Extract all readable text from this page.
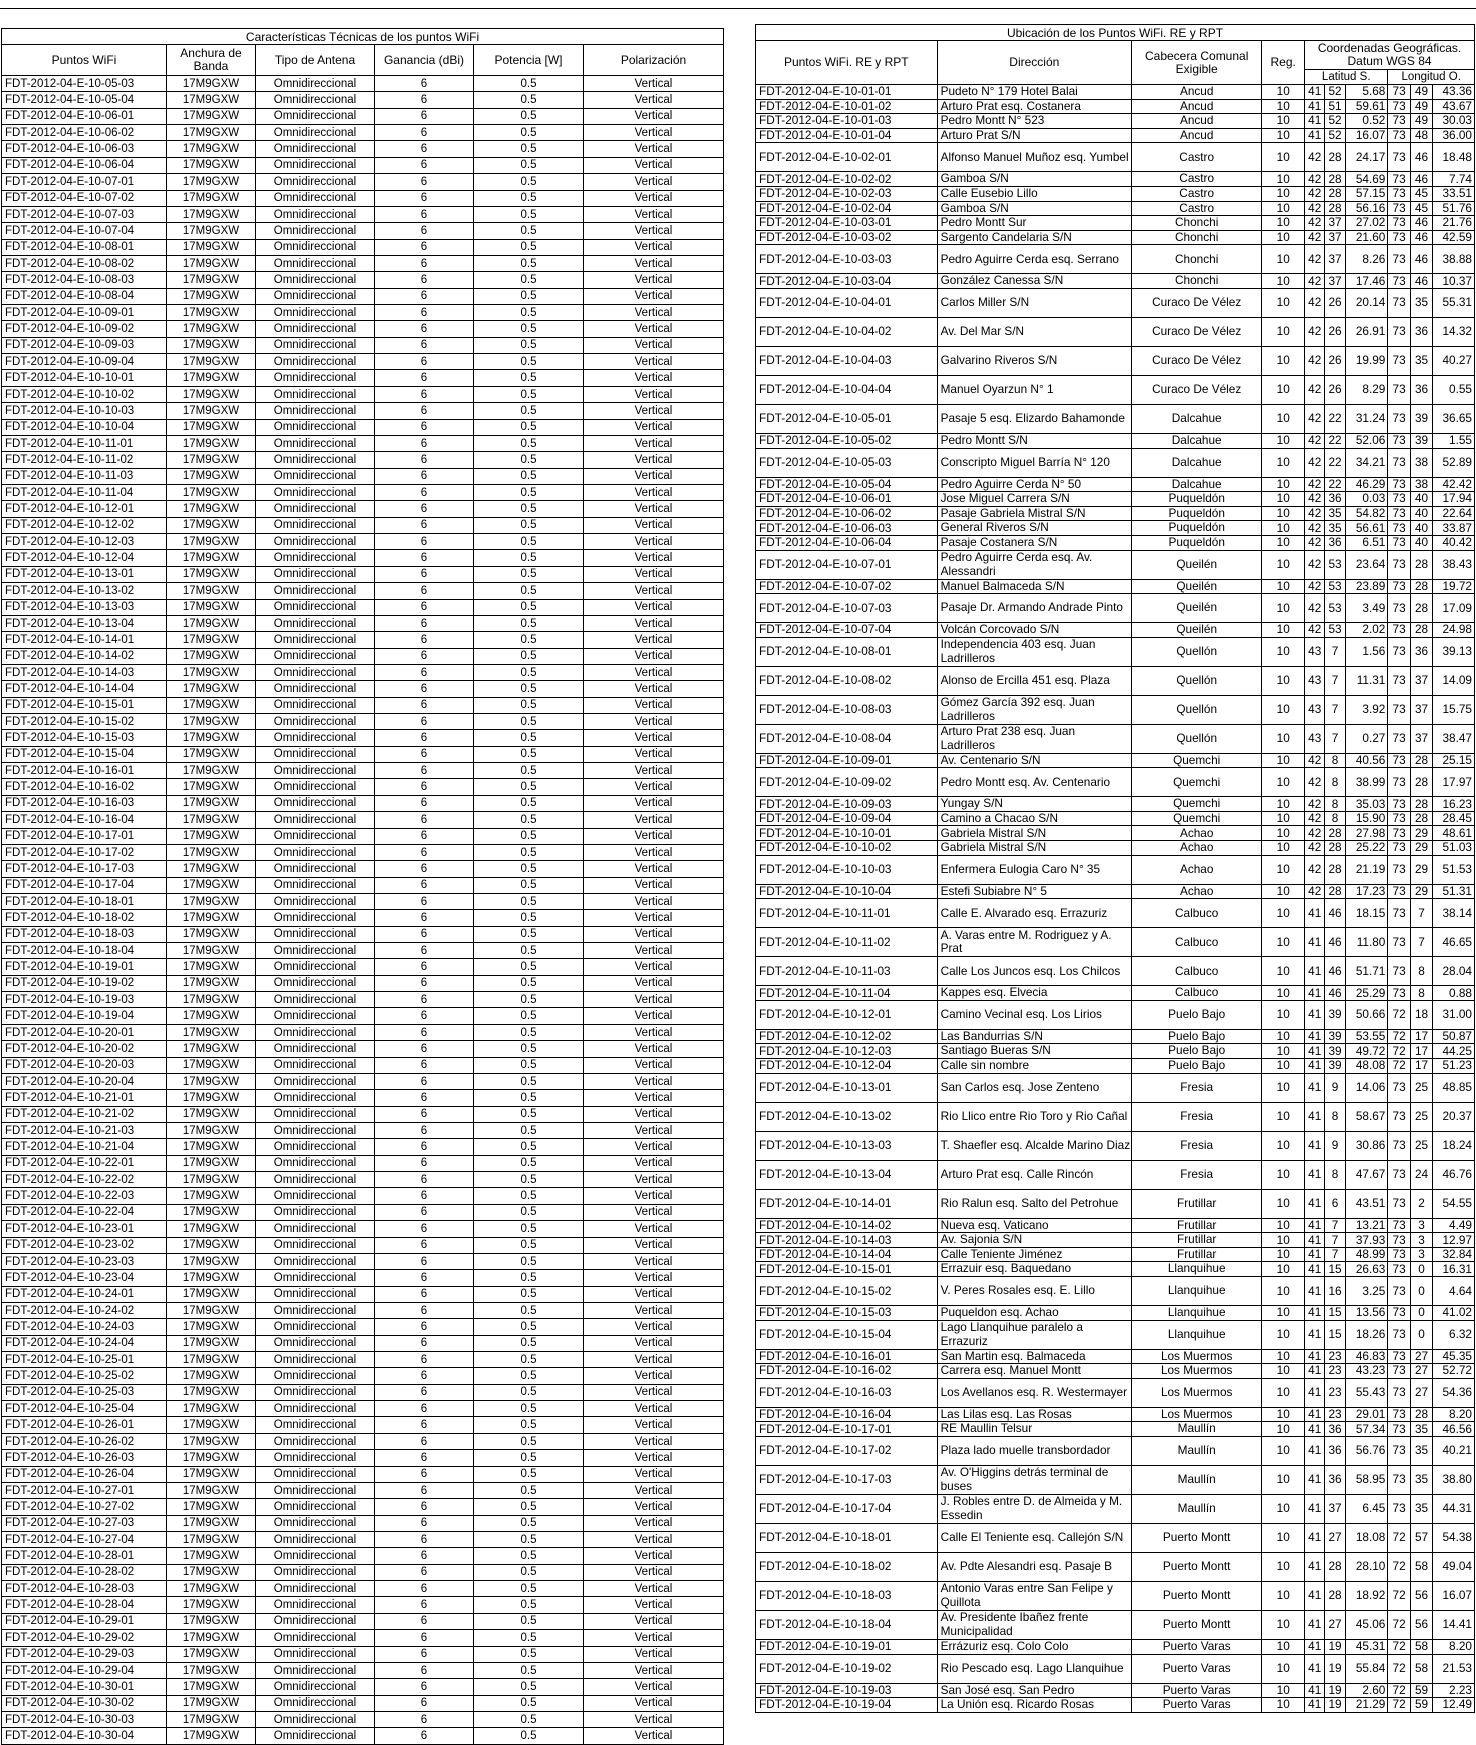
Características Técnicas de los puntos WiFi					
Puntos WiFi	Anchura de Banda	Tipo de Antena	Ganancia (dBi)	Potencia [W]	Polarización
FDT-2012-04-E-10-05-03	17M9GXW	Omnidireccional	6	0.5	Vertical
FDT-2012-04-E-10-05-04	17M9GXW	Omnidireccional	6	0.5	Vertical
FDT-2012-04-E-10-06-01	17M9GXW	Omnidireccional	6	0.5	Vertical
FDT-2012-04-E-10-06-02	17M9GXW	Omnidireccional	6	0.5	Vertical
FDT-2012-04-E-10-06-03	17M9GXW	Omnidireccional	6	0.5	Vertical
FDT-2012-04-E-10-06-04	17M9GXW	Omnidireccional	6	0.5	Vertical
FDT-2012-04-E-10-07-01	17M9GXW	Omnidireccional	6	0.5	Vertical
FDT-2012-04-E-10-07-02	17M9GXW	Omnidireccional	6	0.5	Vertical
FDT-2012-04-E-10-07-03	17M9GXW	Omnidireccional	6	0.5	Vertical
FDT-2012-04-E-10-07-04	17M9GXW	Omnidireccional	6	0.5	Vertical
FDT-2012-04-E-10-08-01	17M9GXW	Omnidireccional	6	0.5	Vertical
FDT-2012-04-E-10-08-02	17M9GXW	Omnidireccional	6	0.5	Vertical
FDT-2012-04-E-10-08-03	17M9GXW	Omnidireccional	6	0.5	Vertical
FDT-2012-04-E-10-08-04	17M9GXW	Omnidireccional	6	0.5	Vertical
FDT-2012-04-E-10-09-01	17M9GXW	Omnidireccional	6	0.5	Vertical
FDT-2012-04-E-10-09-02	17M9GXW	Omnidireccional	6	0.5	Vertical
FDT-2012-04-E-10-09-03	17M9GXW	Omnidireccional	6	0.5	Vertical
FDT-2012-04-E-10-09-04	17M9GXW	Omnidireccional	6	0.5	Vertical
FDT-2012-04-E-10-10-01	17M9GXW	Omnidireccional	6	0.5	Vertical
FDT-2012-04-E-10-10-02	17M9GXW	Omnidireccional	6	0.5	Vertical
FDT-2012-04-E-10-10-03	17M9GXW	Omnidireccional	6	0.5	Vertical
FDT-2012-04-E-10-10-04	17M9GXW	Omnidireccional	6	0.5	Vertical
FDT-2012-04-E-10-11-01	17M9GXW	Omnidireccional	6	0.5	Vertical
FDT-2012-04-E-10-11-02	17M9GXW	Omnidireccional	6	0.5	Vertical
FDT-2012-04-E-10-11-03	17M9GXW	Omnidireccional	6	0.5	Vertical
FDT-2012-04-E-10-11-04	17M9GXW	Omnidireccional	6	0.5	Vertical
FDT-2012-04-E-10-12-01	17M9GXW	Omnidireccional	6	0.5	Vertical
FDT-2012-04-E-10-12-02	17M9GXW	Omnidireccional	6	0.5	Vertical
FDT-2012-04-E-10-12-03	17M9GXW	Omnidireccional	6	0.5	Vertical
FDT-2012-04-E-10-12-04	17M9GXW	Omnidireccional	6	0.5	Vertical
FDT-2012-04-E-10-13-01	17M9GXW	Omnidireccional	6	0.5	Vertical
FDT-2012-04-E-10-13-02	17M9GXW	Omnidireccional	6	0.5	Vertical
FDT-2012-04-E-10-13-03	17M9GXW	Omnidireccional	6	0.5	Vertical
FDT-2012-04-E-10-13-04	17M9GXW	Omnidireccional	6	0.5	Vertical
FDT-2012-04-E-10-14-01	17M9GXW	Omnidireccional	6	0.5	Vertical
FDT-2012-04-E-10-14-02	17M9GXW	Omnidireccional	6	0.5	Vertical
FDT-2012-04-E-10-14-03	17M9GXW	Omnidireccional	6	0.5	Vertical
FDT-2012-04-E-10-14-04	17M9GXW	Omnidireccional	6	0.5	Vertical
FDT-2012-04-E-10-15-01	17M9GXW	Omnidireccional	6	0.5	Vertical
FDT-2012-04-E-10-15-02	17M9GXW	Omnidireccional	6	0.5	Vertical
FDT-2012-04-E-10-15-03	17M9GXW	Omnidireccional	6	0.5	Vertical
FDT-2012-04-E-10-15-04	17M9GXW	Omnidireccional	6	0.5	Vertical
FDT-2012-04-E-10-16-01	17M9GXW	Omnidireccional	6	0.5	Vertical
FDT-2012-04-E-10-16-02	17M9GXW	Omnidireccional	6	0.5	Vertical
FDT-2012-04-E-10-16-03	17M9GXW	Omnidireccional	6	0.5	Vertical
FDT-2012-04-E-10-16-04	17M9GXW	Omnidireccional	6	0.5	Vertical
FDT-2012-04-E-10-17-01	17M9GXW	Omnidireccional	6	0.5	Vertical
FDT-2012-04-E-10-17-02	17M9GXW	Omnidireccional	6	0.5	Vertical
FDT-2012-04-E-10-17-03	17M9GXW	Omnidireccional	6	0.5	Vertical
FDT-2012-04-E-10-17-04	17M9GXW	Omnidireccional	6	0.5	Vertical
FDT-2012-04-E-10-18-01	17M9GXW	Omnidireccional	6	0.5	Vertical
FDT-2012-04-E-10-18-02	17M9GXW	Omnidireccional	6	0.5	Vertical
FDT-2012-04-E-10-18-03	17M9GXW	Omnidireccional	6	0.5	Vertical
FDT-2012-04-E-10-18-04	17M9GXW	Omnidireccional	6	0.5	Vertical
FDT-2012-04-E-10-19-01	17M9GXW	Omnidireccional	6	0.5	Vertical
FDT-2012-04-E-10-19-02	17M9GXW	Omnidireccional	6	0.5	Vertical
FDT-2012-04-E-10-19-03	17M9GXW	Omnidireccional	6	0.5	Vertical
FDT-2012-04-E-10-19-04	17M9GXW	Omnidireccional	6	0.5	Vertical
FDT-2012-04-E-10-20-01	17M9GXW	Omnidireccional	6	0.5	Vertical
FDT-2012-04-E-10-20-02	17M9GXW	Omnidireccional	6	0.5	Vertical
FDT-2012-04-E-10-20-03	17M9GXW	Omnidireccional	6	0.5	Vertical
FDT-2012-04-E-10-20-04	17M9GXW	Omnidireccional	6	0.5	Vertical
FDT-2012-04-E-10-21-01	17M9GXW	Omnidireccional	6	0.5	Vertical
FDT-2012-04-E-10-21-02	17M9GXW	Omnidireccional	6	0.5	Vertical
FDT-2012-04-E-10-21-03	17M9GXW	Omnidireccional	6	0.5	Vertical
FDT-2012-04-E-10-21-04	17M9GXW	Omnidireccional	6	0.5	Vertical
FDT-2012-04-E-10-22-01	17M9GXW	Omnidireccional	6	0.5	Vertical
FDT-2012-04-E-10-22-02	17M9GXW	Omnidireccional	6	0.5	Vertical
FDT-2012-04-E-10-22-03	17M9GXW	Omnidireccional	6	0.5	Vertical
FDT-2012-04-E-10-22-04	17M9GXW	Omnidireccional	6	0.5	Vertical
FDT-2012-04-E-10-23-01	17M9GXW	Omnidireccional	6	0.5	Vertical
FDT-2012-04-E-10-23-02	17M9GXW	Omnidireccional	6	0.5	Vertical
FDT-2012-04-E-10-23-03	17M9GXW	Omnidireccional	6	0.5	Vertical
FDT-2012-04-E-10-23-04	17M9GXW	Omnidireccional	6	0.5	Vertical
FDT-2012-04-E-10-24-01	17M9GXW	Omnidireccional	6	0.5	Vertical
FDT-2012-04-E-10-24-02	17M9GXW	Omnidireccional	6	0.5	Vertical
FDT-2012-04-E-10-24-03	17M9GXW	Omnidireccional	6	0.5	Vertical
FDT-2012-04-E-10-24-04	17M9GXW	Omnidireccional	6	0.5	Vertical
FDT-2012-04-E-10-25-01	17M9GXW	Omnidireccional	6	0.5	Vertical
FDT-2012-04-E-10-25-02	17M9GXW	Omnidireccional	6	0.5	Vertical
FDT-2012-04-E-10-25-03	17M9GXW	Omnidireccional	6	0.5	Vertical
FDT-2012-04-E-10-25-04	17M9GXW	Omnidireccional	6	0.5	Vertical
FDT-2012-04-E-10-26-01	17M9GXW	Omnidireccional	6	0.5	Vertical
FDT-2012-04-E-10-26-02	17M9GXW	Omnidireccional	6	0.5	Vertical
FDT-2012-04-E-10-26-03	17M9GXW	Omnidireccional	6	0.5	Vertical
FDT-2012-04-E-10-26-04	17M9GXW	Omnidireccional	6	0.5	Vertical
FDT-2012-04-E-10-27-01	17M9GXW	Omnidireccional	6	0.5	Vertical
FDT-2012-04-E-10-27-02	17M9GXW	Omnidireccional	6	0.5	Vertical
FDT-2012-04-E-10-27-03	17M9GXW	Omnidireccional	6	0.5	Vertical
FDT-2012-04-E-10-27-04	17M9GXW	Omnidireccional	6	0.5	Vertical
FDT-2012-04-E-10-28-01	17M9GXW	Omnidireccional	6	0.5	Vertical
FDT-2012-04-E-10-28-02	17M9GXW	Omnidireccional	6	0.5	Vertical
FDT-2012-04-E-10-28-03	17M9GXW	Omnidireccional	6	0.5	Vertical
FDT-2012-04-E-10-28-04	17M9GXW	Omnidireccional	6	0.5	Vertical
FDT-2012-04-E-10-29-01	17M9GXW	Omnidireccional	6	0.5	Vertical
FDT-2012-04-E-10-29-02	17M9GXW	Omnidireccional	6	0.5	Vertical
FDT-2012-04-E-10-29-03	17M9GXW	Omnidireccional	6	0.5	Vertical
FDT-2012-04-E-10-29-04	17M9GXW	Omnidireccional	6	0.5	Vertical
FDT-2012-04-E-10-30-01	17M9GXW	Omnidireccional	6	0.5	Vertical
FDT-2012-04-E-10-30-02	17M9GXW	Omnidireccional	6	0.5	Vertical
FDT-2012-04-E-10-30-03	17M9GXW	Omnidireccional	6	0.5	Vertical
FDT-2012-04-E-10-30-04	17M9GXW	Omnidireccional	6	0.5	Vertical
Ubicación de los Puntos WiFi. RE y RPT									
Puntos WiFi. RE y RPT	Dirección	Cabecera Comunal Exigible	Reg.	Coordenadas Geográficas. Datum WGS 84					
				Latitud S.			Longitud O.		
FDT-2012-04-E-10-01-01	Pudeto N° 179 Hotel Balai	Ancud	10	41	52	5.68	73	49	43.36
FDT-2012-04-E-10-01-02	Arturo Prat esq. Costanera	Ancud	10	41	51	59.61	73	49	43.67
FDT-2012-04-E-10-01-03	Pedro Montt N° 523	Ancud	10	41	52	0.52	73	49	30.03
FDT-2012-04-E-10-01-04	Arturo Prat S/N	Ancud	10	41	52	16.07	73	48	36.00
FDT-2012-04-E-10-02-01	Alfonso Manuel Muñoz esq. Yumbel	Castro	10	42	28	24.17	73	46	18.48
FDT-2012-04-E-10-02-02	Gamboa S/N	Castro	10	42	28	54.69	73	46	7.74
FDT-2012-04-E-10-02-03	Calle Eusebio Lillo	Castro	10	42	28	57.15	73	45	33.51
FDT-2012-04-E-10-02-04	Gamboa S/N	Castro	10	42	28	56.16	73	45	51.76
FDT-2012-04-E-10-03-01	Pedro Montt Sur	Chonchi	10	42	37	27.02	73	46	21.76
FDT-2012-04-E-10-03-02	Sargento Candelaria S/N	Chonchi	10	42	37	21.60	73	46	42.59
FDT-2012-04-E-10-03-03	Pedro Aguirre Cerda esq. Serrano	Chonchi	10	42	37	8.26	73	46	38.88
FDT-2012-04-E-10-03-04	González Canessa S/N	Chonchi	10	42	37	17.46	73	46	10.37
FDT-2012-04-E-10-04-01	Carlos Miller S/N	Curaco De Vélez	10	42	26	20.14	73	35	55.31
FDT-2012-04-E-10-04-02	Av. Del Mar S/N	Curaco De Vélez	10	42	26	26.91	73	36	14.32
FDT-2012-04-E-10-04-03	Galvarino Riveros S/N	Curaco De Vélez	10	42	26	19.99	73	35	40.27
FDT-2012-04-E-10-04-04	Manuel Oyarzun N° 1	Curaco De Vélez	10	42	26	8.29	73	36	0.55
FDT-2012-04-E-10-05-01	Pasaje 5 esq. Elizardo Bahamonde	Dalcahue	10	42	22	31.24	73	39	36.65
FDT-2012-04-E-10-05-02	Pedro Montt S/N	Dalcahue	10	42	22	52.06	73	39	1.55
FDT-2012-04-E-10-05-03	Conscripto Miguel Barría N° 120	Dalcahue	10	42	22	34.21	73	38	52.89
FDT-2012-04-E-10-05-04	Pedro Aguirre Cerda N° 50	Dalcahue	10	42	22	46.29	73	38	42.42
FDT-2012-04-E-10-06-01	Jose Miguel Carrera S/N	Puqueldón	10	42	36	0.03	73	40	17.94
FDT-2012-04-E-10-06-02	Pasaje Gabriela Mistral S/N	Puqueldón	10	42	35	54.82	73	40	22.64
FDT-2012-04-E-10-06-03	General Riveros S/N	Puqueldón	10	42	35	56.61	73	40	33.87
FDT-2012-04-E-10-06-04	Pasaje Costanera S/N	Puqueldón	10	42	36	6.51	73	40	40.42
FDT-2012-04-E-10-07-01	Pedro Aguirre Cerda esq. Av. Alessandri	Queilén	10	42	53	23.64	73	28	38.43
FDT-2012-04-E-10-07-02	Manuel Balmaceda S/N	Queilén	10	42	53	23.89	73	28	19.72
FDT-2012-04-E-10-07-03	Pasaje Dr. Armando Andrade Pinto	Queilén	10	42	53	3.49	73	28	17.09
FDT-2012-04-E-10-07-04	Volcán Corcovado S/N	Queilén	10	42	53	2.02	73	28	24.98
FDT-2012-04-E-10-08-01	Independencia 403 esq. Juan Ladrilleros	Quellón	10	43	7	1.56	73	36	39.13
FDT-2012-04-E-10-08-02	Alonso de Ercilla 451 esq. Plaza	Quellón	10	43	7	11.31	73	37	14.09
FDT-2012-04-E-10-08-03	Gómez García 392 esq. Juan Ladrilleros	Quellón	10	43	7	3.92	73	37	15.75
FDT-2012-04-E-10-08-04	Arturo Prat 238 esq. Juan Ladrilleros	Quellón	10	43	7	0.27	73	37	38.47
FDT-2012-04-E-10-09-01	Av. Centenario S/N	Quemchi	10	42	8	40.56	73	28	25.15
FDT-2012-04-E-10-09-02	Pedro Montt esq. Av. Centenario	Quemchi	10	42	8	38.99	73	28	17.97
FDT-2012-04-E-10-09-03	Yungay S/N	Quemchi	10	42	8	35.03	73	28	16.23
FDT-2012-04-E-10-09-04	Camino a Chacao S/N	Quemchi	10	42	8	15.90	73	28	28.45
FDT-2012-04-E-10-10-01	Gabriela Mistral S/N	Achao	10	42	28	27.98	73	29	48.61
FDT-2012-04-E-10-10-02	Gabriela Mistral S/N	Achao	10	42	28	25.22	73	29	51.03
FDT-2012-04-E-10-10-03	Enfermera Eulogia Caro N° 35	Achao	10	42	28	21.19	73	29	51.53
FDT-2012-04-E-10-10-04	Estefi Subiabre N° 5	Achao	10	42	28	17.23	73	29	51.31
FDT-2012-04-E-10-11-01	Calle E. Alvarado esq. Errazuriz	Calbuco	10	41	46	18.15	73	7	38.14
FDT-2012-04-E-10-11-02	A. Varas entre M. Rodriguez y A. Prat	Calbuco	10	41	46	11.80	73	7	46.65
FDT-2012-04-E-10-11-03	Calle Los Juncos esq. Los Chilcos	Calbuco	10	41	46	51.71	73	8	28.04
FDT-2012-04-E-10-11-04	Kappes esq. Elvecia	Calbuco	10	41	46	25.29	73	8	0.88
FDT-2012-04-E-10-12-01	Camino Vecinal esq. Los Lirios	Puelo Bajo	10	41	39	50.66	72	18	31.00
FDT-2012-04-E-10-12-02	Las Bandurrias S/N	Puelo Bajo	10	41	39	53.55	72	17	50.87
FDT-2012-04-E-10-12-03	Santiago Bueras S/N	Puelo Bajo	10	41	39	49.72	72	17	44.25
FDT-2012-04-E-10-12-04	Calle sin nombre	Puelo Bajo	10	41	39	48.08	72	17	51.23
FDT-2012-04-E-10-13-01	San Carlos esq. Jose Zenteno	Fresia	10	41	9	14.06	73	25	48.85
FDT-2012-04-E-10-13-02	Rio Llico entre Rio Toro y Rio Cañal	Fresia	10	41	8	58.67	73	25	20.37
FDT-2012-04-E-10-13-03	T. Shaefler esq. Alcalde Marino Diaz	Fresia	10	41	9	30.86	73	25	18.24
FDT-2012-04-E-10-13-04	Arturo Prat esq. Calle Rincón	Fresia	10	41	8	47.67	73	24	46.76
FDT-2012-04-E-10-14-01	Rio Ralun esq. Salto del Petrohue	Frutillar	10	41	6	43.51	73	2	54.55
FDT-2012-04-E-10-14-02	Nueva esq. Vaticano	Frutillar	10	41	7	13.21	73	3	4.49
FDT-2012-04-E-10-14-03	Av. Sajonia S/N	Frutillar	10	41	7	37.93	73	3	12.97
FDT-2012-04-E-10-14-04	Calle Teniente Jiménez	Frutillar	10	41	7	48.99	73	3	32.84
FDT-2012-04-E-10-15-01	Errazuir esq. Baquedano	Llanquihue	10	41	15	26.63	73	0	16.31
FDT-2012-04-E-10-15-02	V. Peres Rosales esq. E. Lillo	Llanquihue	10	41	16	3.25	73	0	4.64
FDT-2012-04-E-10-15-03	Puqueldon esq. Achao	Llanquihue	10	41	15	13.56	73	0	41.02
FDT-2012-04-E-10-15-04	Lago Llanquihue paralelo a Errazuriz	Llanquihue	10	41	15	18.26	73	0	6.32
FDT-2012-04-E-10-16-01	San Martin esq. Balmaceda	Los Muermos	10	41	23	46.83	73	27	45.35
FDT-2012-04-E-10-16-02	Carrera esq. Manuel Montt	Los Muermos	10	41	23	43.23	73	27	52.72
FDT-2012-04-E-10-16-03	Los Avellanos esq. R. Westermayer	Los Muermos	10	41	23	55.43	73	27	54.36
FDT-2012-04-E-10-16-04	Las Lilas esq. Las Rosas	Los Muermos	10	41	23	29.01	73	28	8.20
FDT-2012-04-E-10-17-01	RE Maullin Telsur	Maullín	10	41	36	57.34	73	35	46.56
FDT-2012-04-E-10-17-02	Plaza lado muelle transbordador	Maullín	10	41	36	56.76	73	35	40.21
FDT-2012-04-E-10-17-03	Av. O'Higgins detrás terminal de buses	Maullín	10	41	36	58.95	73	35	38.80
FDT-2012-04-E-10-17-04	J. Robles entre D. de Almeida y M. Essedin	Maullín	10	41	37	6.45	73	35	44.31
FDT-2012-04-E-10-18-01	Calle El Teniente esq. Callejón S/N	Puerto Montt	10	41	27	18.08	72	57	54.38
FDT-2012-04-E-10-18-02	Av. Pdte Alesandri esq. Pasaje B	Puerto Montt	10	41	28	28.10	72	58	49.04
FDT-2012-04-E-10-18-03	Antonio Varas entre San Felipe y Quillota	Puerto Montt	10	41	28	18.92	72	56	16.07
FDT-2012-04-E-10-18-04	Av. Presidente Ibañez frente Municipalidad	Puerto Montt	10	41	27	45.06	72	56	14.41
FDT-2012-04-E-10-19-01	Errázuriz esq. Colo Colo	Puerto Varas	10	41	19	45.31	72	58	8.20
FDT-2012-04-E-10-19-02	Rio Pescado esq. Lago Llanquihue	Puerto Varas	10	41	19	55.84	72	58	21.53
FDT-2012-04-E-10-19-03	San José esq. San Pedro	Puerto Varas	10	41	19	2.60	72	59	2.23
FDT-2012-04-E-10-19-04	La Unión esq. Ricardo Rosas	Puerto Varas	10	41	19	21.29	72	59	12.49
